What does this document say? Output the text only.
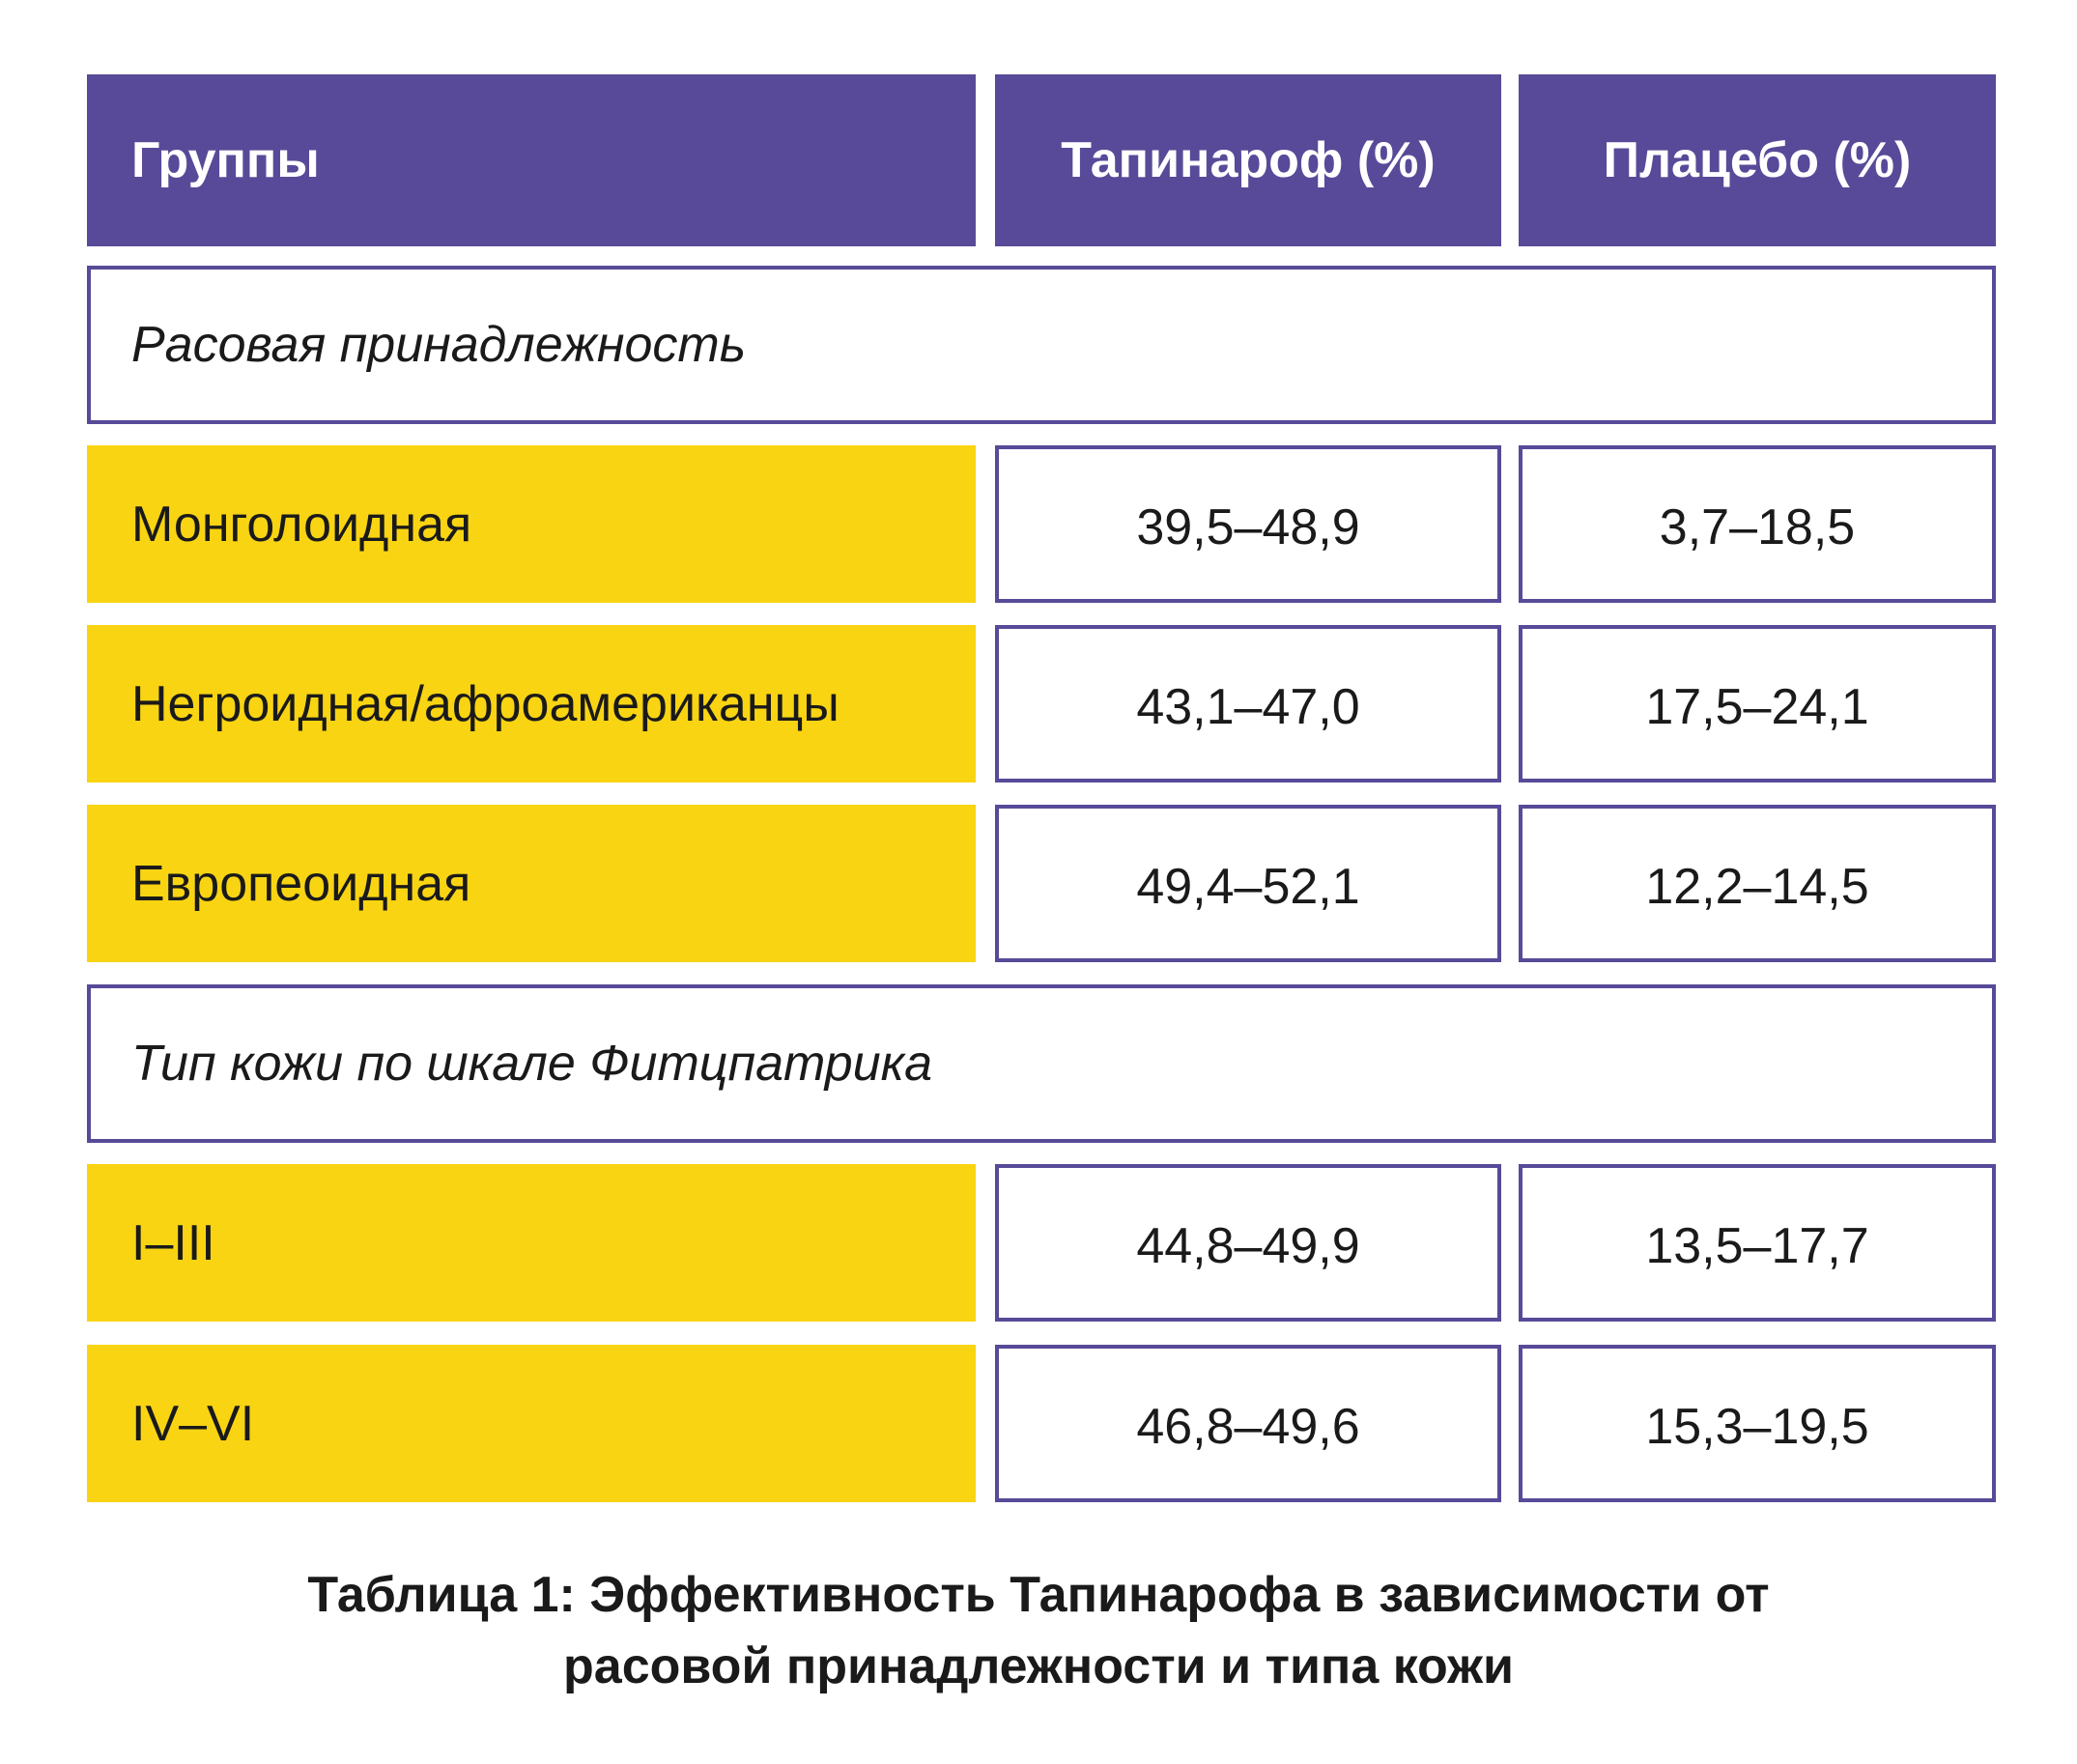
Группы	Тапинароф (%)	Плацебо (%)
Расовая принадлежность
Монголоидная	39,5–48,9	3,7–18,5
Негроидная/афроамериканцы	43,1–47,0	17,5–24,1
Европеоидная	49,4–52,1	12,2–14,5
Тип кожи по шкале Фитцпатрика
I–III	44,8–49,9	13,5–17,7
IV–VI	46,8–49,6	15,3–19,5
Таблица 1: Эффективность Тапинарофа в зависимости от
расовой принадлежности и типа кожи
